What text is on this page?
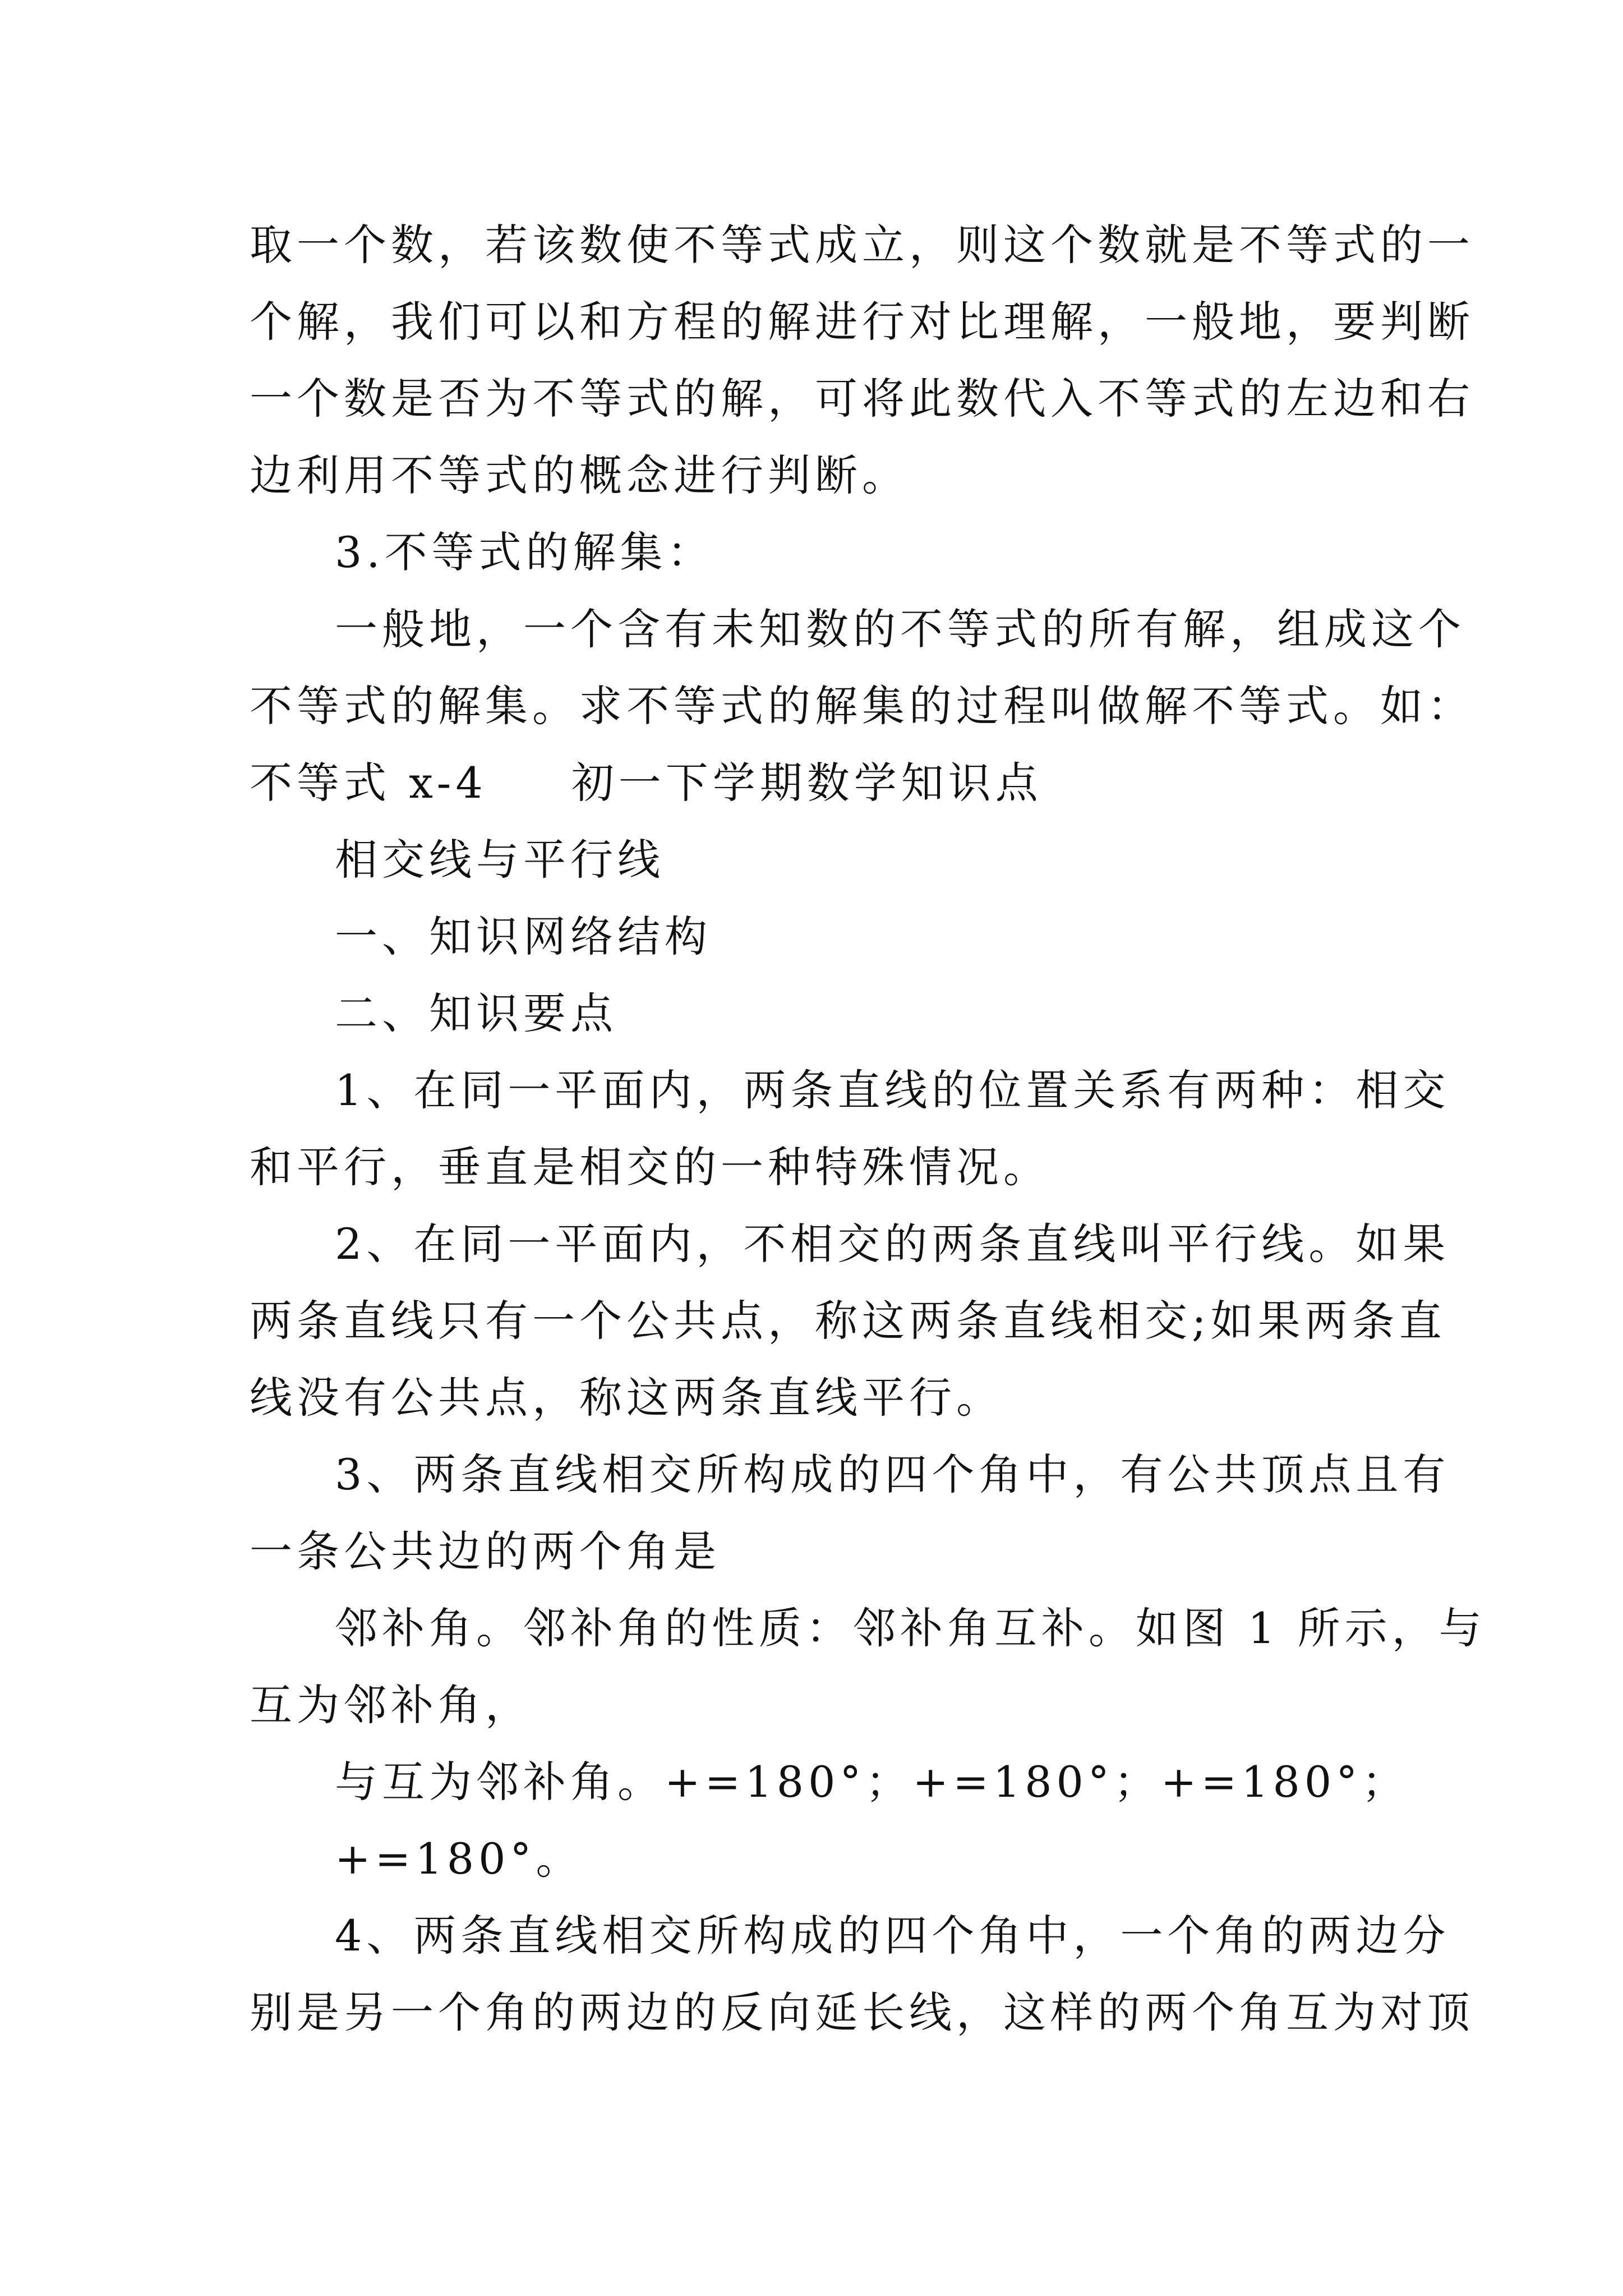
取一个数，若该数使不等式成立，则这个数就是不等式的一
个解，我们可以和方程的解进行对比理解，一般地，要判断
一个数是否为不等式的解，可将此数代入不等式的左边和右
边利用不等式的概念进行判断。
3.不等式的解集：
一般地，一个含有未知数的不等式的所有解，组成这个
不等式的解集。求不等式的解集的过程叫做解不等式。如：
不等式 x-4 初一下学期数学知识点
相交线与平行线
一、知识网络结构
二、知识要点
1、在同一平面内，两条直线的位置关系有两种：相交
和平行，垂直是相交的一种特殊情况。
2、在同一平面内，不相交的两条直线叫平行线。如果
两条直线只有一个公共点，称这两条直线相交;如果两条直
线没有公共点，称这两条直线平行。
3、两条直线相交所构成的四个角中，有公共顶点且有
一条公共边的两个角是
邻补角。邻补角的性质：邻补角互补。如图 1 所示，与
互为邻补角，
与互为邻补角。+=180°；+=180°；+=180°；
+=180°。
4、两条直线相交所构成的四个角中，一个角的两边分
别是另一个角的两边的反向延长线，这样的两个角互为对顶
